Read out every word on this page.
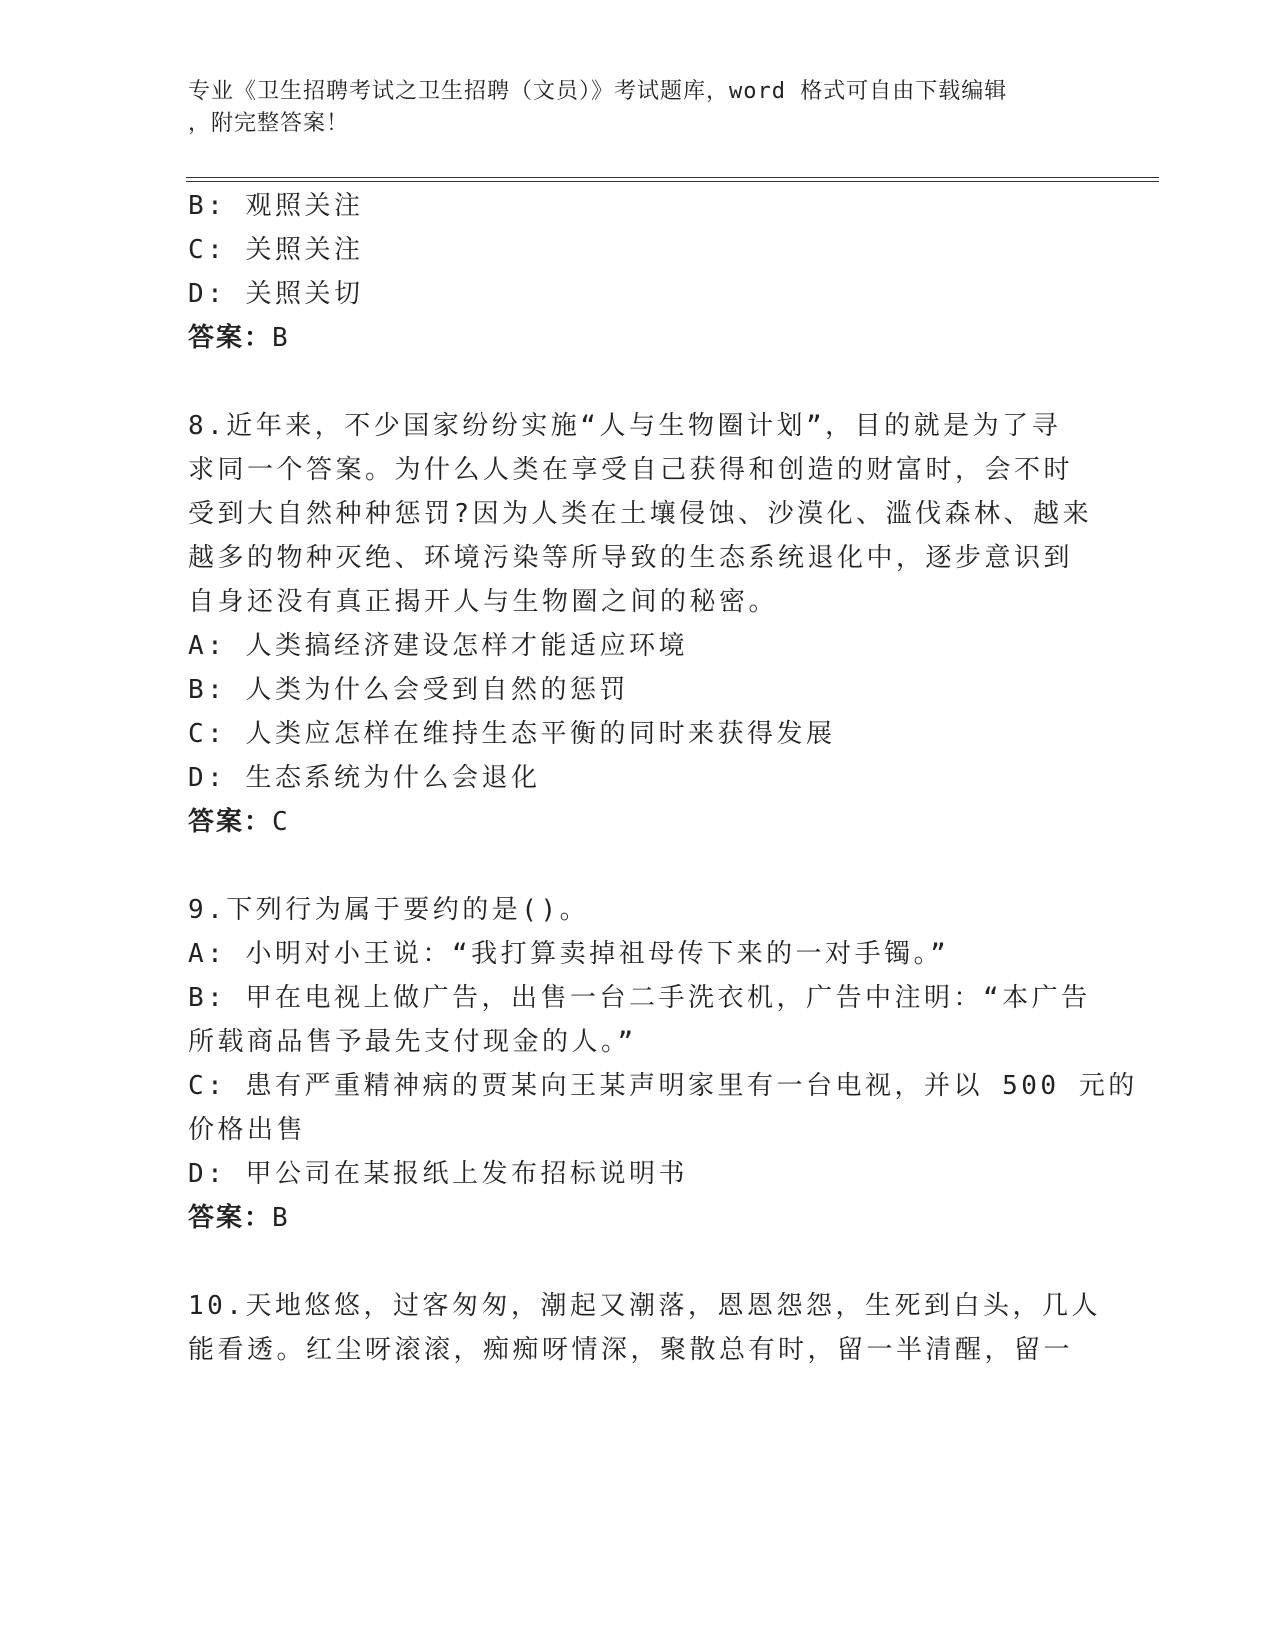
专业《卫生招聘考试之卫生招聘（文员）》考试题库，word 格式可自由下载编辑
，附完整答案！
B: 观照关注
C: 关照关注
D: 关照关切
答案：B
8.近年来，不少国家纷纷实施“人与生物圈计划”，目的就是为了寻
求同一个答案。为什么人类在享受自己获得和创造的财富时，会不时
受到大自然种种惩罚?因为人类在土壤侵蚀、沙漠化、滥伐森林、越来
越多的物种灭绝、环境污染等所导致的生态系统退化中，逐步意识到
自身还没有真正揭开人与生物圈之间的秘密。
A: 人类搞经济建设怎样才能适应环境
B: 人类为什么会受到自然的惩罚
C: 人类应怎样在维持生态平衡的同时来获得发展
D: 生态系统为什么会退化
答案：C
9.下列行为属于要约的是()。
A: 小明对小王说：“我打算卖掉祖母传下来的一对手镯。”
B: 甲在电视上做广告，出售一台二手洗衣机，广告中注明：“本广告
所载商品售予最先支付现金的人。”
C: 患有严重精神病的贾某向王某声明家里有一台电视，并以 500 元的
价格出售
D: 甲公司在某报纸上发布招标说明书
答案：B
10.天地悠悠，过客匆匆，潮起又潮落，恩恩怨怨，生死到白头，几人
能看透。红尘呀滚滚，痴痴呀情深，聚散总有时，留一半清醒，留一
